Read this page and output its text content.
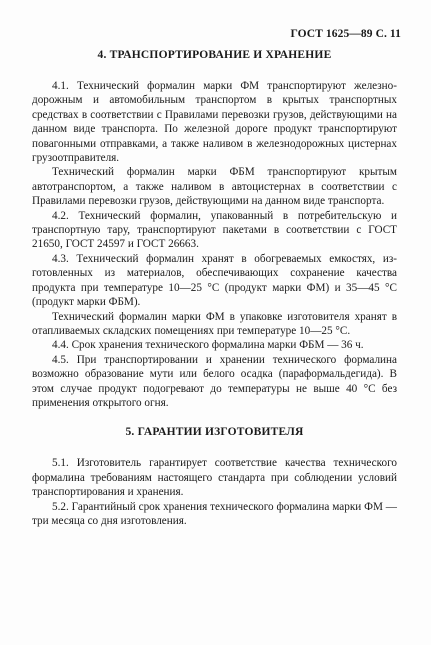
ГОСТ 1625—89 С. 11
4. ТРАНСПОРТИРОВАНИЕ И ХРАНЕНИЕ

4.1. Технический формалин марки ФМ транспортируют железнодорожным и автомобильным транспортом в крытых транспортных средствах в соответствии с Правилами перевозки грузов, действующими на данном виде транспорта. По железной дороге продукт транспортируют повагонными отправками, а также наливом в железнодорожных цистернах грузоотправителя.

Технический формалин марки ФБМ транспортируют крытым автотранспортом, а также наливом в автоцистернах в соответствии с Правилами перевозки грузов, действующими на данном виде транспорта.

4.2. Технический формалин, упакованный в потребительскую и транспортную тару, транспортируют пакетами в соответствии с ГОСТ 21650, ГОСТ 24597 и ГОСТ 26663.

4.3. Технический формалин хранят в обогреваемых емкостях, изготовленных из материалов, обеспечивающих сохранение качества продукта при температуре 10—25 °С (продукт марки ФМ) и 35—45 °С (продукт марки ФБМ).

Технический формалин марки ФМ в упаковке изготовителя хранят в отапливаемых складских помещениях при температуре 10—25 °С.

4.4. Срок хранения технического формалина марки ФБМ — 36 ч.

4.5. При транспортировании и хранении технического формалина возможно образование мути или белого осадка (параформальдегида). В этом случае продукт подогревают до температуры не выше 40 °С без применения открытого огня.

5. ГАРАНТИИ ИЗГОТОВИТЕЛЯ

5.1. Изготовитель гарантирует соответствие качества технического формалина требованиям настоящего стандарта при соблюдении условий транспортирования и хранения.

5.2. Гарантийный срок хранения технического формалина марки ФМ — три месяца со дня изготовления.
